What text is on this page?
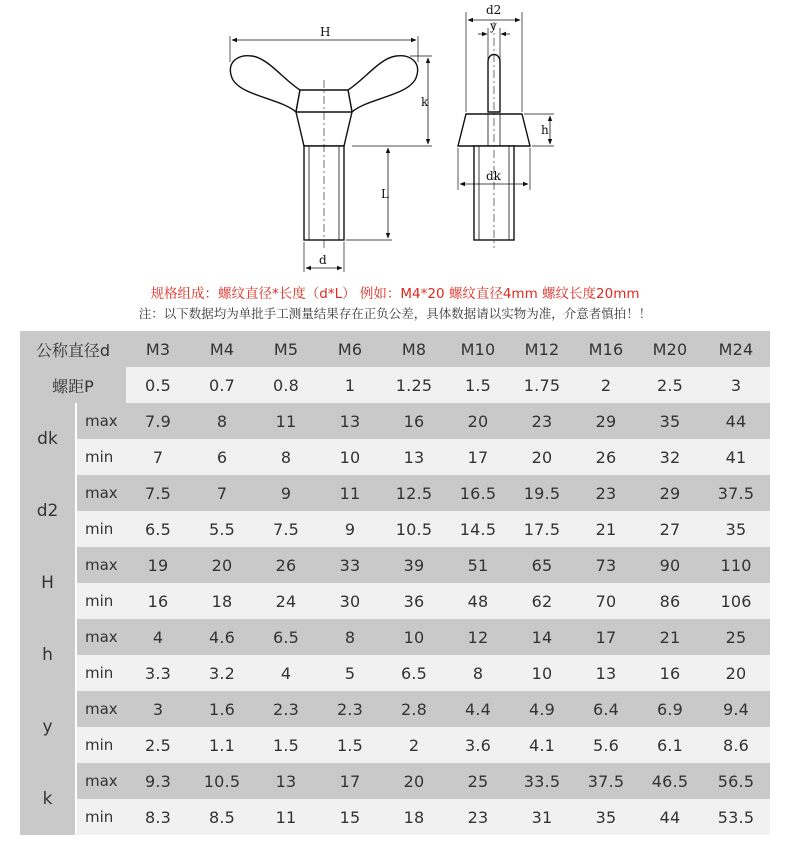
H
k
L
d
d2
y
h
dk
规格组成：螺纹直径*长度（d*L） 例如：M4*20 螺纹直径4mm 螺纹长度20mm
注：以下数据均为单批手工测量结果存在正负公差，具体数据请以实物为准，介意者慎拍！！
公称直径d		M3	M4	M5	M6	M8	M10	M12	M16	M20	M24
螺距P		0.5	0.7	0.8	1	1.25	1.5	1.75	2	2.5	3
dk	max	7.9	8	11	13	16	20	23	29	35	44
	min	7	6	8	10	13	17	20	26	32	41
d2	max	7.5	7	9	11	12.5	16.5	19.5	23	29	37.5
	min	6.5	5.5	7.5	9	10.5	14.5	17.5	21	27	35
H	max	19	20	26	33	39	51	65	73	90	110
	min	16	18	24	30	36	48	62	70	86	106
h	max	4	4.6	6.5	8	10	12	14	17	21	25
	min	3.3	3.2	4	5	6.5	8	10	13	16	20
y	max	3	1.6	2.3	2.3	2.8	4.4	4.9	6.4	6.9	9.4
	min	2.5	1.1	1.5	1.5	2	3.6	4.1	5.6	6.1	8.6
k	max	9.3	10.5	13	17	20	25	33.5	37.5	46.5	56.5
	min	8.3	8.5	11	15	18	23	31	35	44	53.5
